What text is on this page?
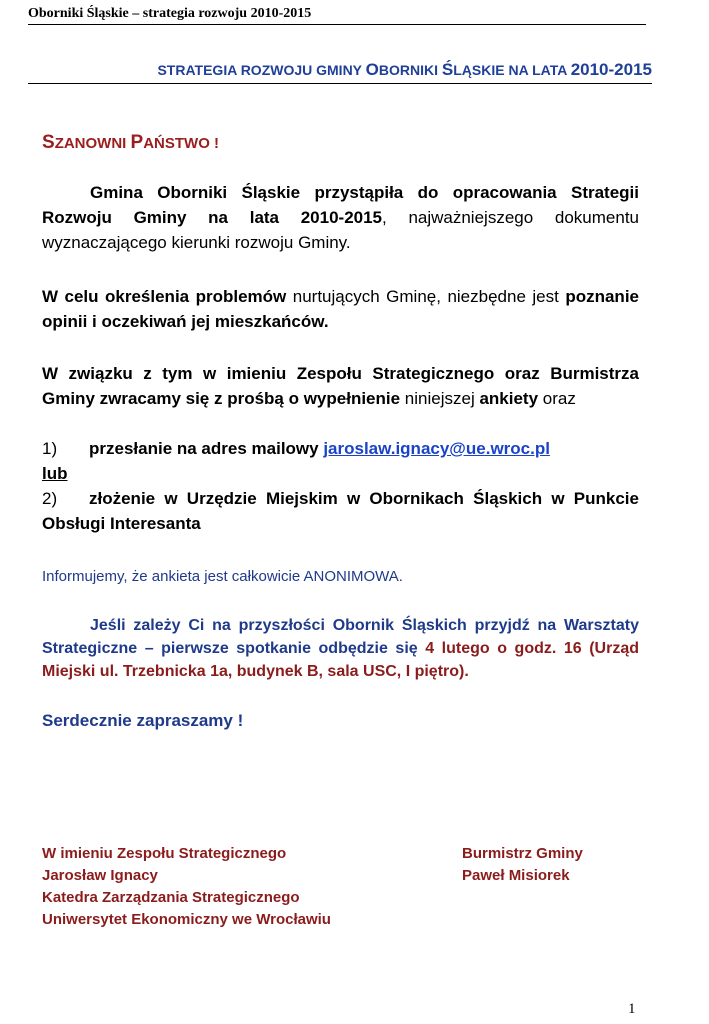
Oborniki Śląskie – strategia rozwoju 2010-2015
STRATEGIA ROZWOJU GMINY OBORNIKI ŚLĄSKIE NA LATA 2010-2015
SZANOWNI PAŃSTWO !
Gmina Oborniki Śląskie przystąpiła do opracowania Strategii Rozwoju Gminy na lata 2010-2015, najważniejszego dokumentu wyznaczającego kierunki rozwoju Gminy.
W celu określenia problemów nurtujących Gminę, niezbędne jest poznanie opinii i oczekiwań jej mieszkańców.
W związku z tym w imieniu Zespołu Strategicznego oraz Burmistrza Gminy zwracamy się z prośbą o wypełnienie niniejszej ankiety oraz
1) przesłanie na adres mailowy jaroslaw.ignacy@ue.wroc.pl
lub
2) złożenie w Urzędzie Miejskim w Obornikach Śląskich w Punkcie Obsługi Interesanta
Informujemy, że ankieta jest całkowicie ANONIMOWA.
Jeśli zależy Ci na przyszłości Obornik Śląskich przyjdź na Warsztaty Strategiczne – pierwsze spotkanie odbędzie się 4 lutego o godz. 16 (Urząd Miejski ul. Trzebnicka 1a, budynek B, sala USC, I piętro).
Serdecznie zapraszamy !
W imieniu Zespołu Strategicznego
Jarosław Ignacy
Katedra Zarządzania Strategicznego
Uniwersytet Ekonomiczny we Wrocławiu
Burmistrz Gminy
Paweł Misiorek
1
